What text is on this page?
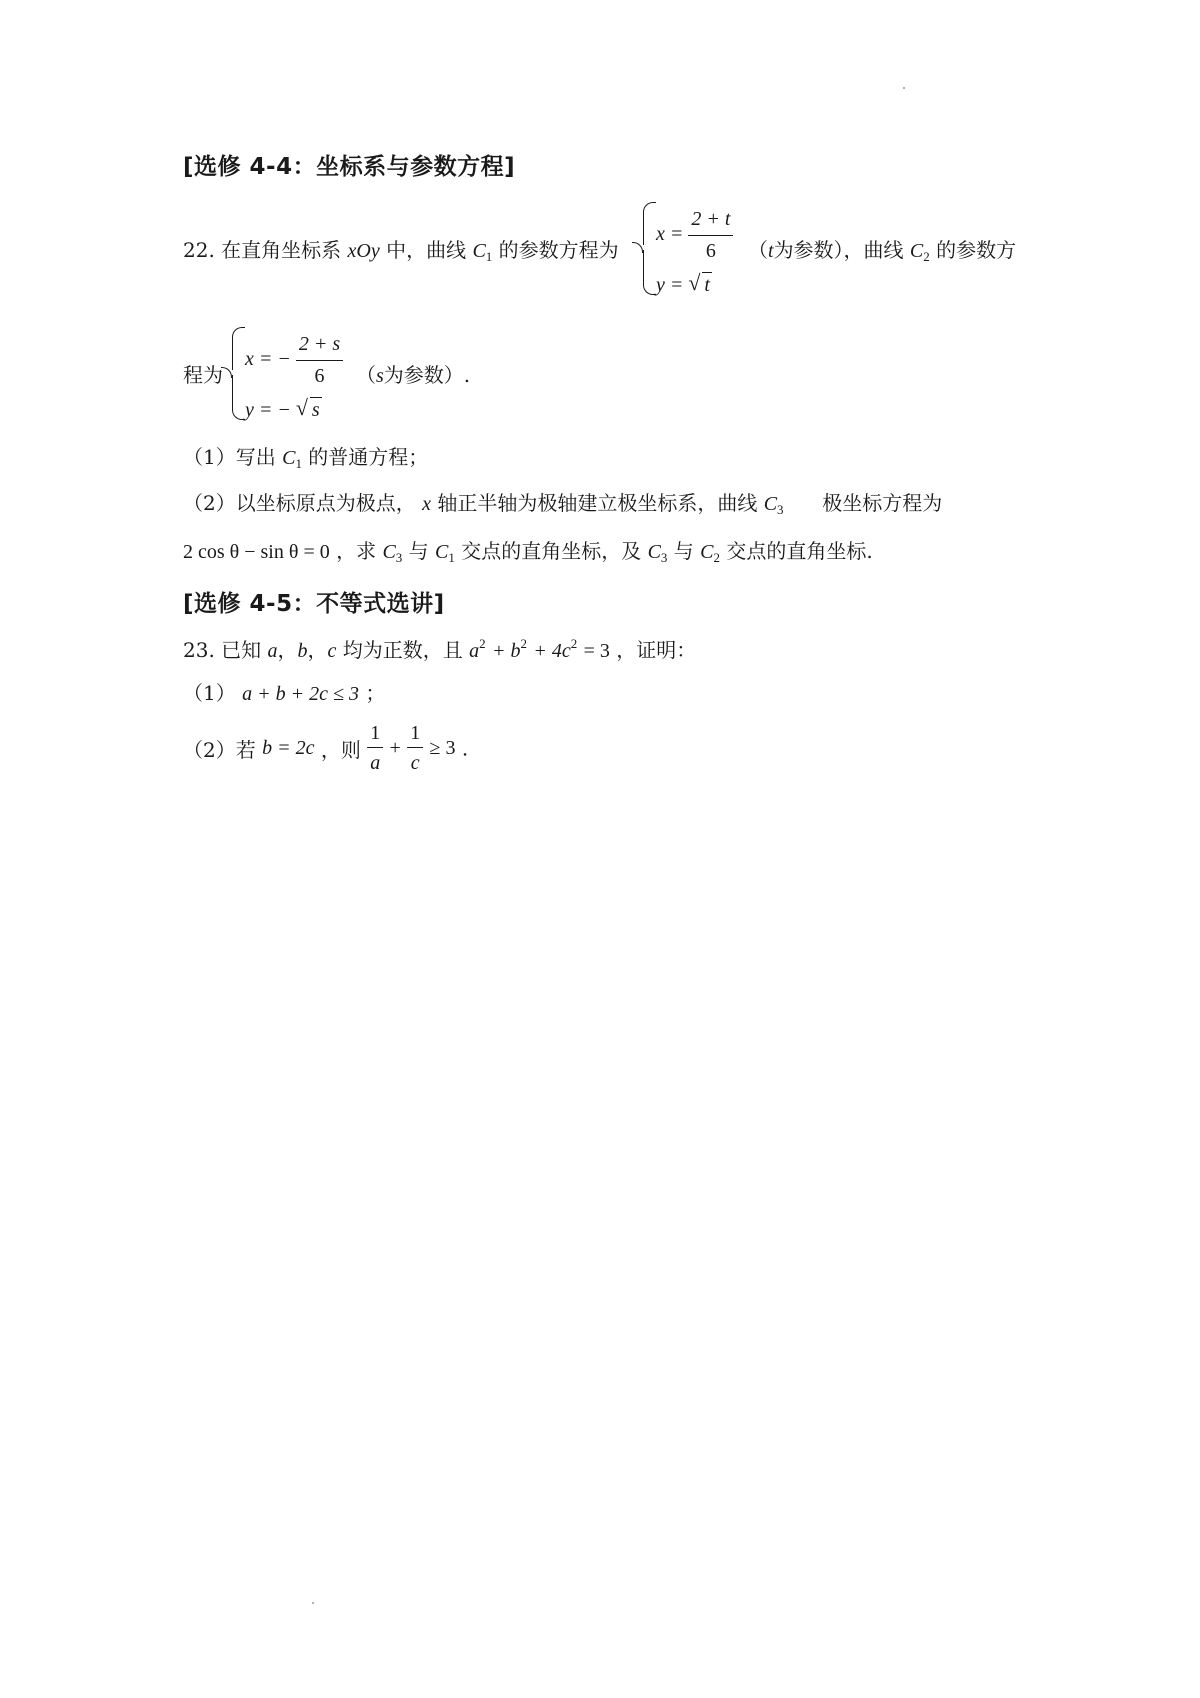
[选修 4-4：坐标系与参数方程]
22. 在直角坐标系 xOy 中，曲线 $C_1$ 的参数方程为
$x = \frac{2 + t}{6}$
y = √ t
（t为参数），曲线 $C_2$ 的参数方
程为
x = − $\frac{2 + s}{6}$
y = − √ s
（s为参数）.
（1）写出 $C_1$ 的普通方程；
（2）以坐标原点为极点， x 轴正半轴为极轴建立极坐标系，曲线 $C_3$ 极坐标方程为
2 cos θ − sin θ = 0 ，求 $C_3$ 与 $C_1$ 交点的直角坐标，及 $C_3$ 与 $C_2$ 交点的直角坐标.
[选修 4-5：不等式选讲]
23. 已知 a，b，c 均为正数，且 $a^2 + b^2 + 4c^2 = 3$ ，证明：
（1） a + b + 2c ≤ 3 ；
（2）若 b = 2c ，则 $\frac{1}{a} + \frac{1}{c} \ge 3$ .
